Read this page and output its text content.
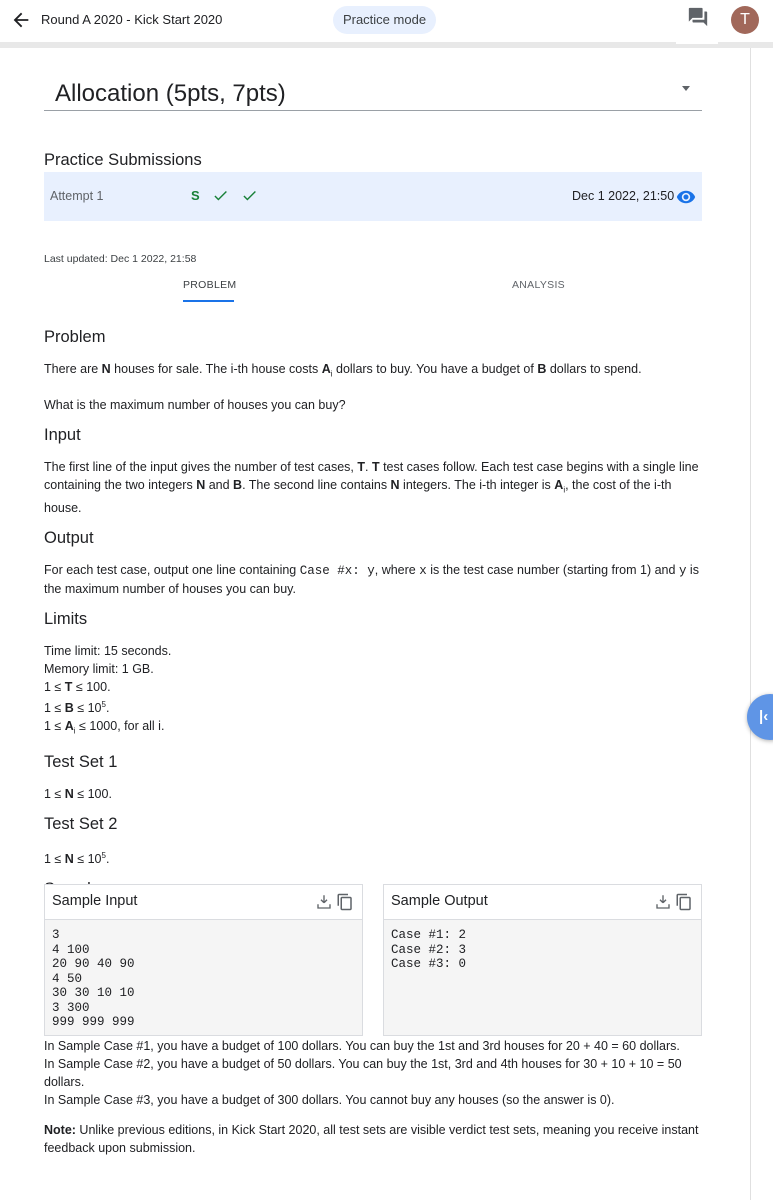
Round A 2020 - Kick Start 2020	Practice mode	T
|‹
Allocation (5pts, 7pts)
Practice Submissions
Attempt 1	S	Dec 1 2022, 21:50
Last updated: Dec 1 2022, 21:58
PROBLEM	ANALYSIS
Problem

There are N houses for sale. The i-th house costs $A_i$ dollars to buy. You have a budget of B dollars to spend.

What is the maximum number of houses you can buy?

Input

The first line of the input gives the number of test cases, T. T test cases follow. Each test case begins with a single line containing the two integers N and B. The second line contains N integers. The i-th integer is $A_i$, the cost of the i-th house.

Output

For each test case, output one line containing Case #x: y, where x is the test case number (starting from 1) and y is the maximum number of houses you can buy.

Limits

Time limit: 15 seconds.

Memory limit: 1 GB.

1 ≤ T ≤ 100.

$1 \le B \le 10^5$.

$1 \le A_i \le 1000$, for all i.

Test Set 1

1 ≤ N ≤ 100.

Test Set 2

$1 \le N \le 10^5$.

Sample Input
3
4 100
20 90 40 90
4 50
30 30 10 10
3 300
999 999 999
Sample Output
Case #1: 2
Case #2: 3
Case #3: 0

In Sample Case #1, you have a budget of 100 dollars. You can buy the 1st and 3rd houses for 20 + 40 = 60 dollars.

In Sample Case #2, you have a budget of 50 dollars. You can buy the 1st, 3rd and 4th houses for 30 + 10 + 10 = 50 dollars.

In Sample Case #3, you have a budget of 300 dollars. You cannot buy any houses (so the answer is 0).

Note: Unlike previous editions, in Kick Start 2020, all test sets are visible verdict test sets, meaning you receive instant feedback upon submission.
